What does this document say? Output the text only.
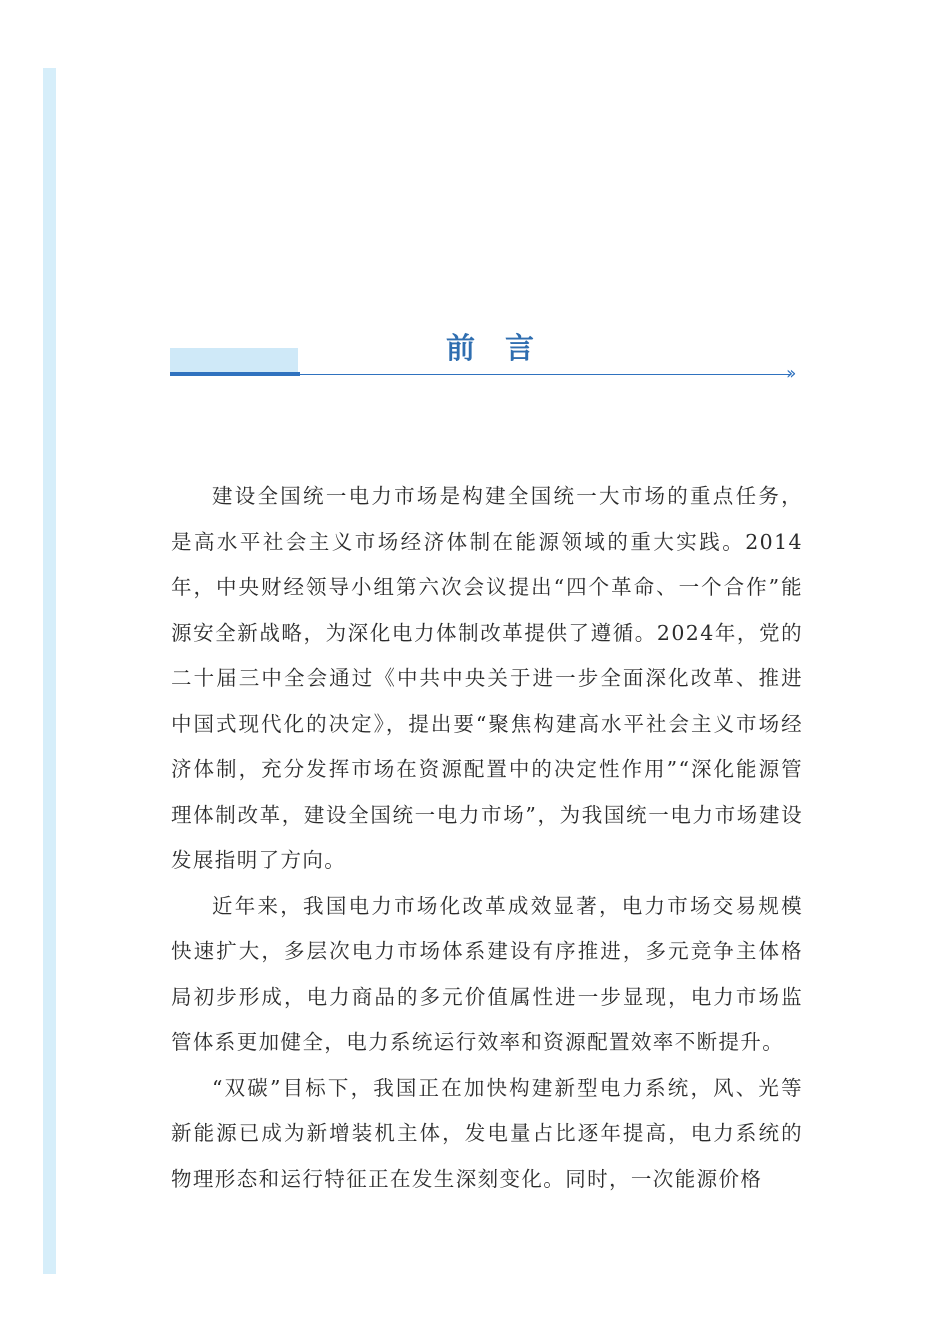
前言
››

建设全国统一电力市场是构建全国统一大市场的重点任务，是高水平社会主义市场经济体制在能源领域的重大实践。2014年，中央财经领导小组第六次会议提出“四个革命、一个合作”能源安全新战略，为深化电力体制改革提供了遵循。2024年，党的二十届三中全会通过《中共中央关于进一步全面深化改革、推进中国式现代化的决定》，提出要“聚焦构建高水平社会主义市场经济体制，充分发挥市场在资源配置中的决定性作用”“深化能源管理体制改革，建设全国统一电力市场”，为我国统一电力市场建设发展指明了方向。

近年来，我国电力市场化改革成效显著，电力市场交易规模快速扩大，多层次电力市场体系建设有序推进，多元竞争主体格局初步形成，电力商品的多元价值属性进一步显现，电力市场监管体系更加健全，电力系统运行效率和资源配置效率不断提升。

“双碳”目标下，我国正在加快构建新型电力系统，风、光等新能源已成为新增装机主体，发电量占比逐年提高，电力系统的物理形态和运行特征正在发生深刻变化。同时，一次能源价格
